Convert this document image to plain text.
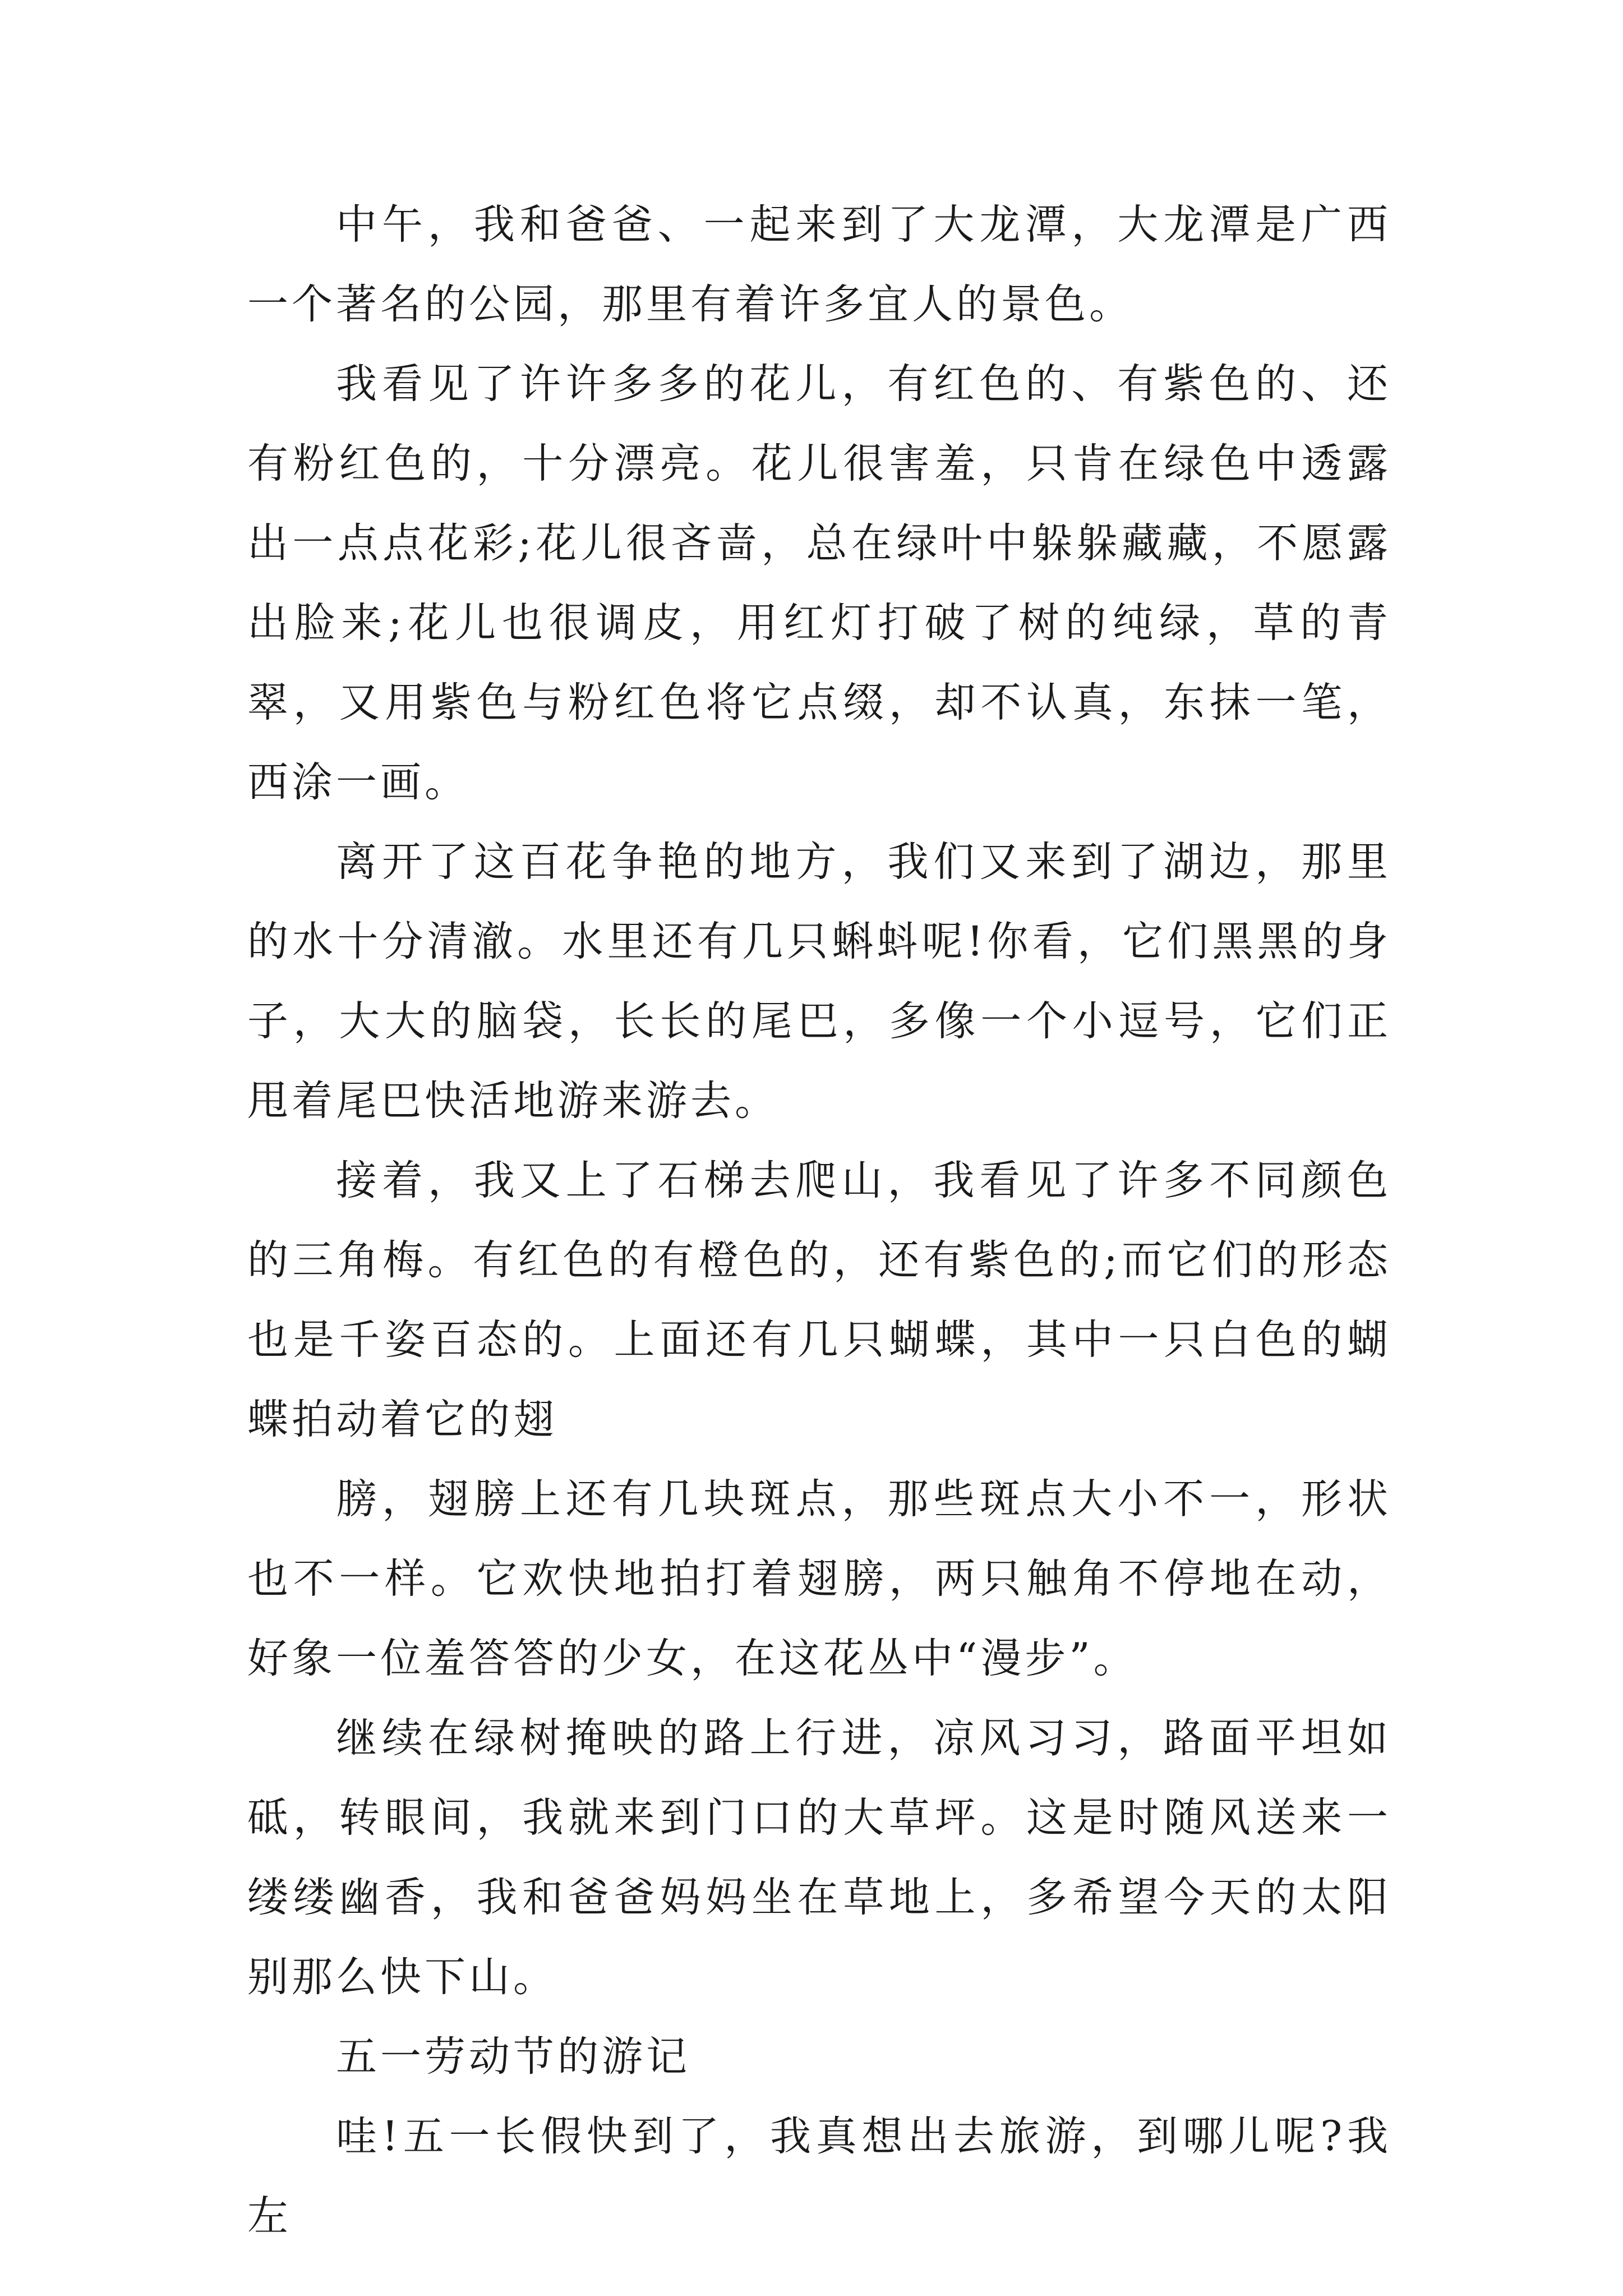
中午，我和爸爸、一起来到了大龙潭，大龙潭是广西一个著名的公园，那里有着许多宜人的景色。

我看见了许许多多的花儿，有红色的、有紫色的、还有粉红色的，十分漂亮。花儿很害羞，只肯在绿色中透露出一点点花彩;花儿很吝啬，总在绿叶中躲躲藏藏，不愿露出脸来;花儿也很调皮，用红灯打破了树的纯绿，草的青翠，又用紫色与粉红色将它点缀，却不认真，东抹一笔，西涂一画。

离开了这百花争艳的地方，我们又来到了湖边，那里的水十分清澈。水里还有几只蝌蚪呢!你看，它们黑黑的身子，大大的脑袋，长长的尾巴，多像一个小逗号，它们正甩着尾巴快活地游来游去。

接着，我又上了石梯去爬山，我看见了许多不同颜色的三角梅。有红色的有橙色的，还有紫色的;而它们的形态也是千姿百态的。上面还有几只蝴蝶，其中一只白色的蝴蝶拍动着它的翅

膀，翅膀上还有几块斑点，那些斑点大小不一，形状也不一样。它欢快地拍打着翅膀，两只触角不停地在动，好象一位羞答答的少女，在这花丛中“漫步”。

继续在绿树掩映的路上行进，凉风习习，路面平坦如砥，转眼间，我就来到门口的大草坪。这是时随风送来一缕缕幽香，我和爸爸妈妈坐在草地上，多希望今天的太阳别那么快下山。

五一劳动节的游记

哇!五一长假快到了，我真想出去旅游，到哪儿呢?我左
